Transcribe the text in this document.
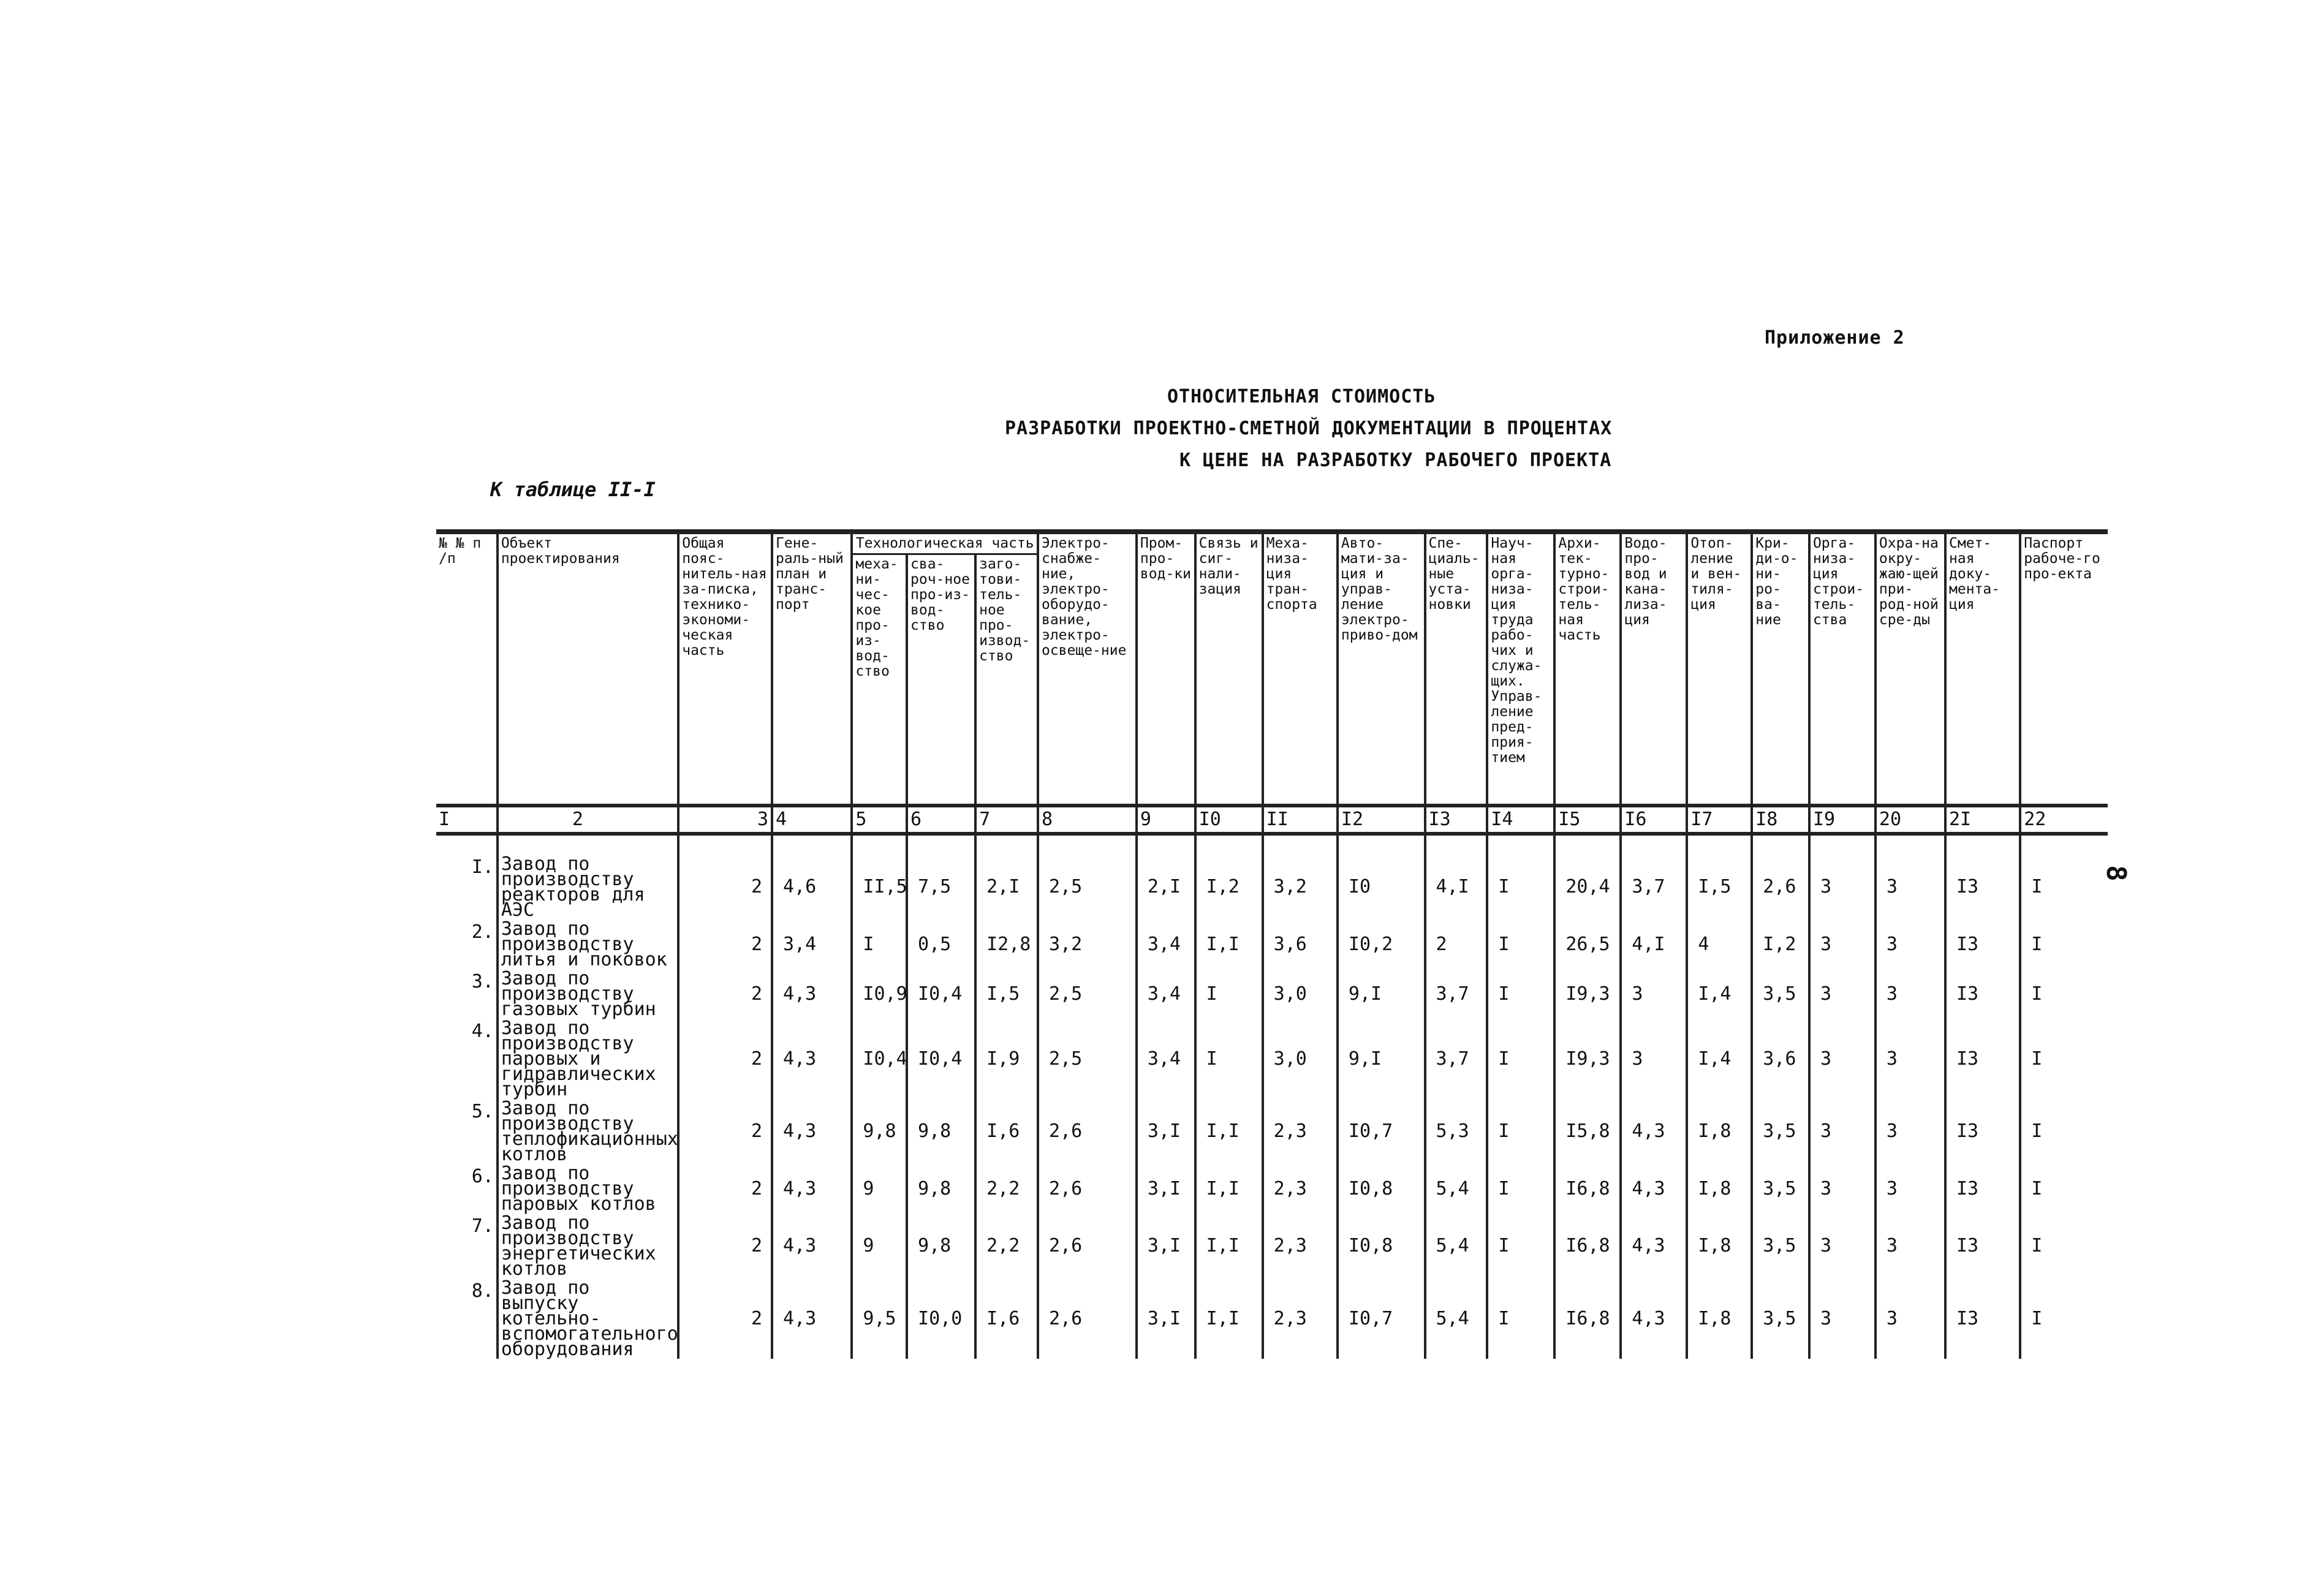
Приложение 2
ОТНОСИТЕЛЬНАЯ СТОИМОСТЬ
РАЗРАБОТКИ ПРОЕКТНО-СМЕТНОЙ ДОКУМЕНТАЦИИ В ПРОЦЕНТАХ
К ЦЕНЕ НА РАЗРАБОТКУ РАБОЧЕГО ПРОЕКТА
К таблице II-I
8
№ № п /п	Объект проектирования	Общая пояс-нитель-ная за-писка, технико-экономи-ческая часть	Гене-раль-ный план и транс-порт	Технологическая часть			Электро-снабже-ние, электро-оборудо-вание, электро-освеще-ние	Пром-про-вод-ки	Связь и сиг-нали-зация	Меха-низа-ция тран-спорта	Авто-мати-за-ция и управ-ление электро-приво-дом	Спе-циаль-ные уста-новки	Науч-ная орга-низа-ция труда рабо-чих и служа-щих. Управ-ление пред-прия-тием	Архи-тек-турно-строи-тель-ная часть	Водо-про-вод и кана-лиза-ция	Отоп-ление и вен-тиля-ция	Кри-ди-о-ни-ро-ва-ние	Орга-низа-ция строи-тель-ства	Охра-на окру-жаю-щей при-род-ной сре-ды	Смет-ная доку-мента-ция	Паспорт рабоче-го про-екта
				меха-ни-чес-кое про-из-вод-ство	сва-роч-ное про-из-вод-ство	заго-тови-тель-ное про-извод-ство															
I	2	3	4	5	6	7	8	9	I0	II	I2	I3	I4	I5	I6	I7	I8	I9	20	2I	22

I.	Завод по производству реакторов для АЭС	2	4,6	II,5	7,5	2,I	2,5	2,I	I,2	3,2	I0	4,I	I	20,4	3,7	I,5	2,6	3	3	I3	I
2.	Завод по производству литья и поковок	2	3,4	I	0,5	I2,8	3,2	3,4	I,I	3,6	I0,2	2	I	26,5	4,I	4	I,2	3	3	I3	I
3.	Завод по производству газовых турбин	2	4,3	I0,9	I0,4	I,5	2,5	3,4	I	3,0	9,I	3,7	I	I9,3	3	I,4	3,5	3	3	I3	I
4.	Завод по производству паровых и гидравлических турбин	2	4,3	I0,4	I0,4	I,9	2,5	3,4	I	3,0	9,I	3,7	I	I9,3	3	I,4	3,6	3	3	I3	I
5.	Завод по производству теплофикационных котлов	2	4,3	9,8	9,8	I,6	2,6	3,I	I,I	2,3	I0,7	5,3	I	I5,8	4,3	I,8	3,5	3	3	I3	I
6.	Завод по производству паровых котлов	2	4,3	9	9,8	2,2	2,6	3,I	I,I	2,3	I0,8	5,4	I	I6,8	4,3	I,8	3,5	3	3	I3	I
7.	Завод по производству энергетических котлов	2	4,3	9	9,8	2,2	2,6	3,I	I,I	2,3	I0,8	5,4	I	I6,8	4,3	I,8	3,5	3	3	I3	I
8.	Завод по выпуску котельно-вспомогательного оборудования	2	4,3	9,5	I0,0	I,6	2,6	3,I	I,I	2,3	I0,7	5,4	I	I6,8	4,3	I,8	3,5	3	3	I3	I
